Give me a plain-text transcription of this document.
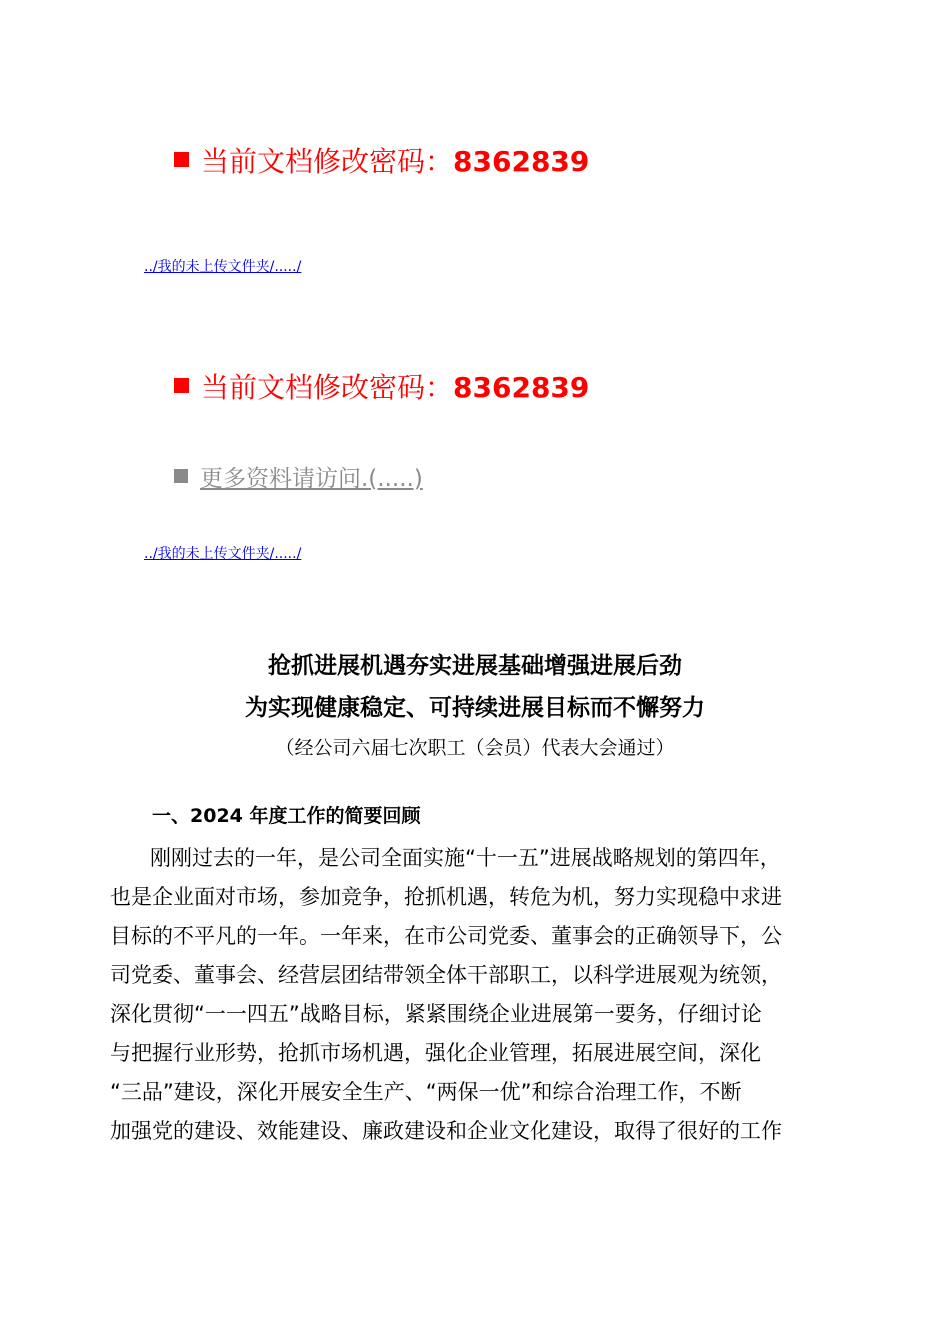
当前文档修改密码：8362839
../我的未上传文件夹/...../
当前文档修改密码：8362839
更多资料请访问.(.....)
../我的未上传文件夹/...../
抢抓进展机遇夯实进展基础增强进展后劲
为实现健康稳定、可持续进展目标而不懈努力
（经公司六届七次职工（会员）代表大会通过）
一、2024 年度工作的简要回顾
刚刚过去的一年，是公司全面实施“十一五”进展战略规划的第四年，
也是企业面对市场，参加竞争，抢抓机遇，转危为机，努力实现稳中求进
目标的不平凡的一年。一年来，在市公司党委、董事会的正确领导下，公
司党委、董事会、经营层团结带领全体干部职工，以科学进展观为统领，
深化贯彻“一一四五”战略目标，紧紧围绕企业进展第一要务，仔细讨论
与把握行业形势，抢抓市场机遇，强化企业管理，拓展进展空间，深化
“三品”建设，深化开展安全生产、“两保一优”和综合治理工作，不断
加强党的建设、效能建设、廉政建设和企业文化建设，取得了很好的工作
